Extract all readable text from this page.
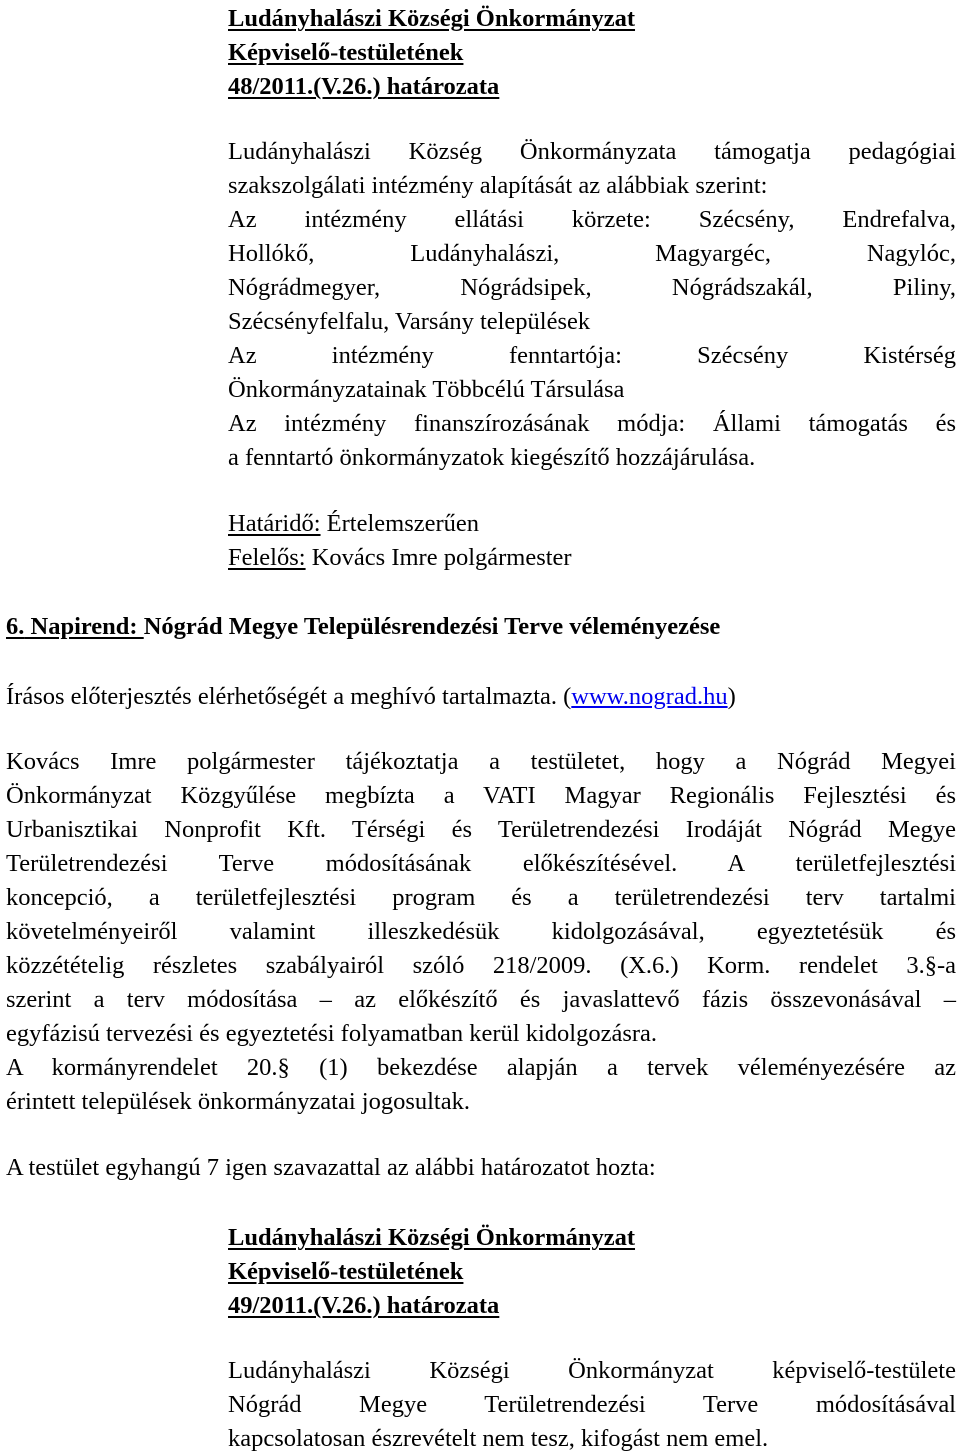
Ludányhalászi Községi Önkormányzat
Képviselő-testületének
48/2011.(V.26.) határozata
Ludányhalászi Község Önkormányzata támogatja pedagógiai
szakszolgálati intézmény alapítását az alábbiak szerint:
Az intézmény ellátási körzete: Szécsény, Endrefalva,
Hollókő, Ludányhalászi, Magyargéc, Nagylóc,
Nógrádmegyer, Nógrádsipek, Nógrádszakál, Piliny,
Szécsényfelfalu, Varsány települések
Az intézmény fenntartója: Szécsény Kistérség
Önkormányzatainak Többcélú Társulása
Az intézmény finanszírozásának módja: Állami támogatás és
a fenntartó önkormányzatok kiegészítő hozzájárulása.
Határidő: Értelemszerűen
Felelős: Kovács Imre polgármester
6. Napirend: Nógrád Megye Településrendezési Terve véleményezése
Írásos előterjesztés elérhetőségét a meghívó tartalmazta. (www.nograd.hu)
Kovács Imre polgármester tájékoztatja a testületet, hogy a Nógrád Megyei
Önkormányzat Közgyűlése megbízta a VATI Magyar Regionális Fejlesztési és
Urbanisztikai Nonprofit Kft. Térségi és Területrendezési Irodáját Nógrád Megye
Területrendezési Terve módosításának előkészítésével. A területfejlesztési
koncepció, a területfejlesztési program és a területrendezési terv tartalmi
követelményeiről valamint illeszkedésük kidolgozásával, egyeztetésük és
közzétételig részletes szabályairól szóló 218/2009. (X.6.) Korm. rendelet 3.§-a
szerint a terv módosítása – az előkészítő és javaslattevő fázis összevonásával –
egyfázisú tervezési és egyeztetési folyamatban kerül kidolgozásra.
A kormányrendelet 20.§ (1) bekezdése alapján a tervek véleményezésére az
érintett települések önkormányzatai jogosultak.
A testület egyhangú 7 igen szavazattal az alábbi határozatot hozta:
Ludányhalászi Községi Önkormányzat
Képviselő-testületének
49/2011.(V.26.) határozata
Ludányhalászi Községi Önkormányzat képviselő-testülete
Nógrád Megye Területrendezési Terve módosításával
kapcsolatosan észrevételt nem tesz, kifogást nem emel.
